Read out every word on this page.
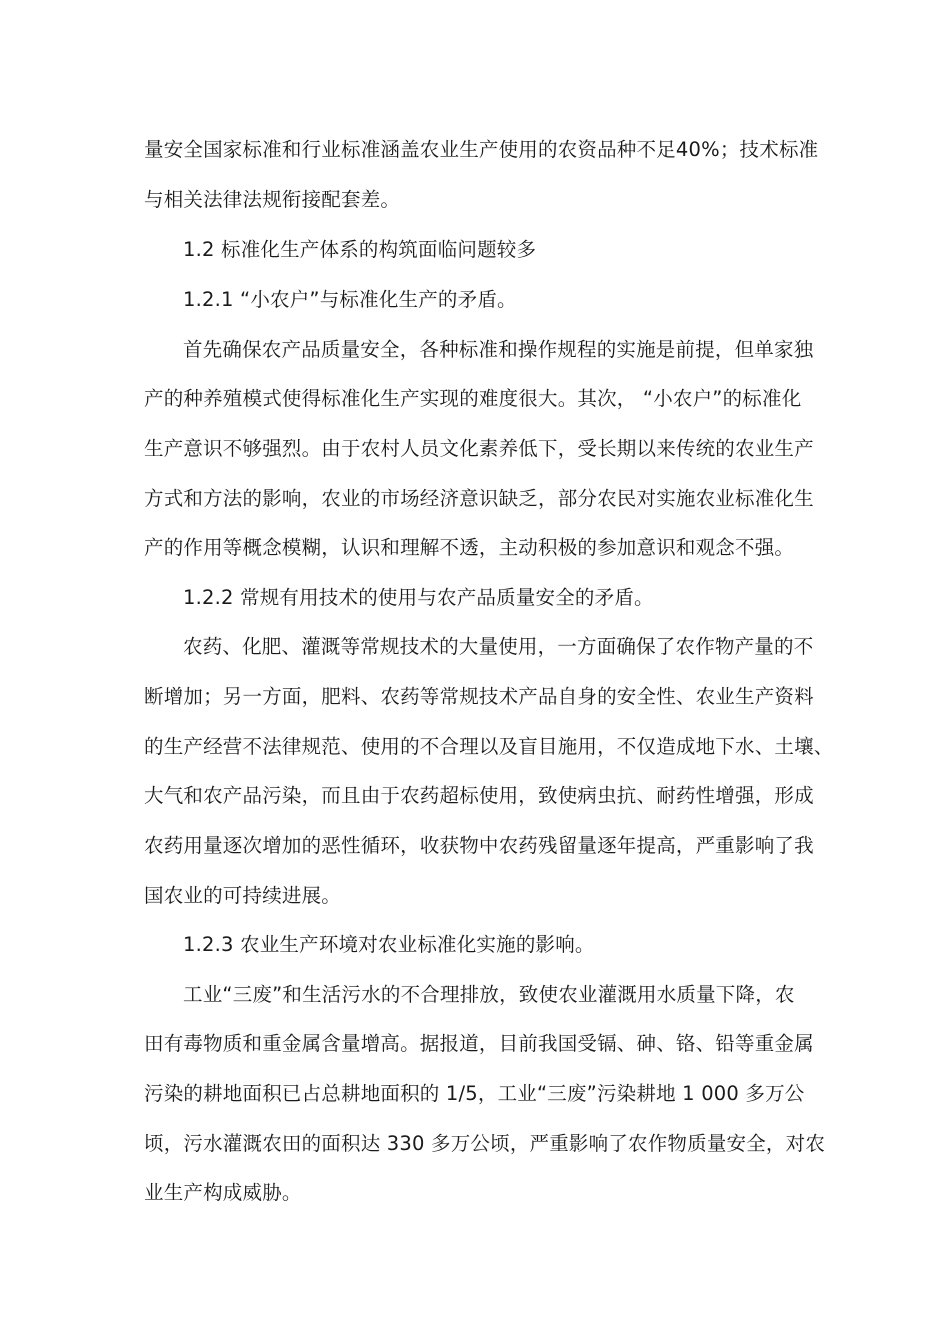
量安全国家标准和行业标准涵盖农业生产使用的农资品种不足40%；技术标准
与相关法律法规衔接配套差。
1.2 标准化生产体系的构筑面临问题较多
1.2.1 “小农户”与标准化生产的矛盾。
首先确保农产品质量安全，各种标准和操作规程的实施是前提，但单家独
产的种养殖模式使得标准化生产实现的难度很大。其次， “小农户”的标准化
生产意识不够强烈。由于农村人员文化素养低下，受长期以来传统的农业生产
方式和方法的影响，农业的市场经济意识缺乏，部分农民对实施农业标准化生
产的作用等概念模糊，认识和理解不透，主动积极的参加意识和观念不强。
1.2.2 常规有用技术的使用与农产品质量安全的矛盾。
农药、化肥、灌溉等常规技术的大量使用，一方面确保了农作物产量的不
断增加；另一方面，肥料、农药等常规技术产品自身的安全性、农业生产资料
的生产经营不法律规范、使用的不合理以及盲目施用，不仅造成地下水、土壤、
大气和农产品污染，而且由于农药超标使用，致使病虫抗、耐药性增强，形成
农药用量逐次增加的恶性循环，收获物中农药残留量逐年提高，严重影响了我
国农业的可持续进展。
1.2.3 农业生产环境对农业标准化实施的影响。
工业“三废”和生活污水的不合理排放，致使农业灌溉用水质量下降，农
田有毒物质和重金属含量增高。据报道，目前我国受镉、砷、铬、铅等重金属
污染的耕地面积已占总耕地面积的 1/5，工业“三废”污染耕地 1 000 多万公
顷，污水灌溉农田的面积达 330 多万公顷，严重影响了农作物质量安全，对农
业生产构成威胁。
